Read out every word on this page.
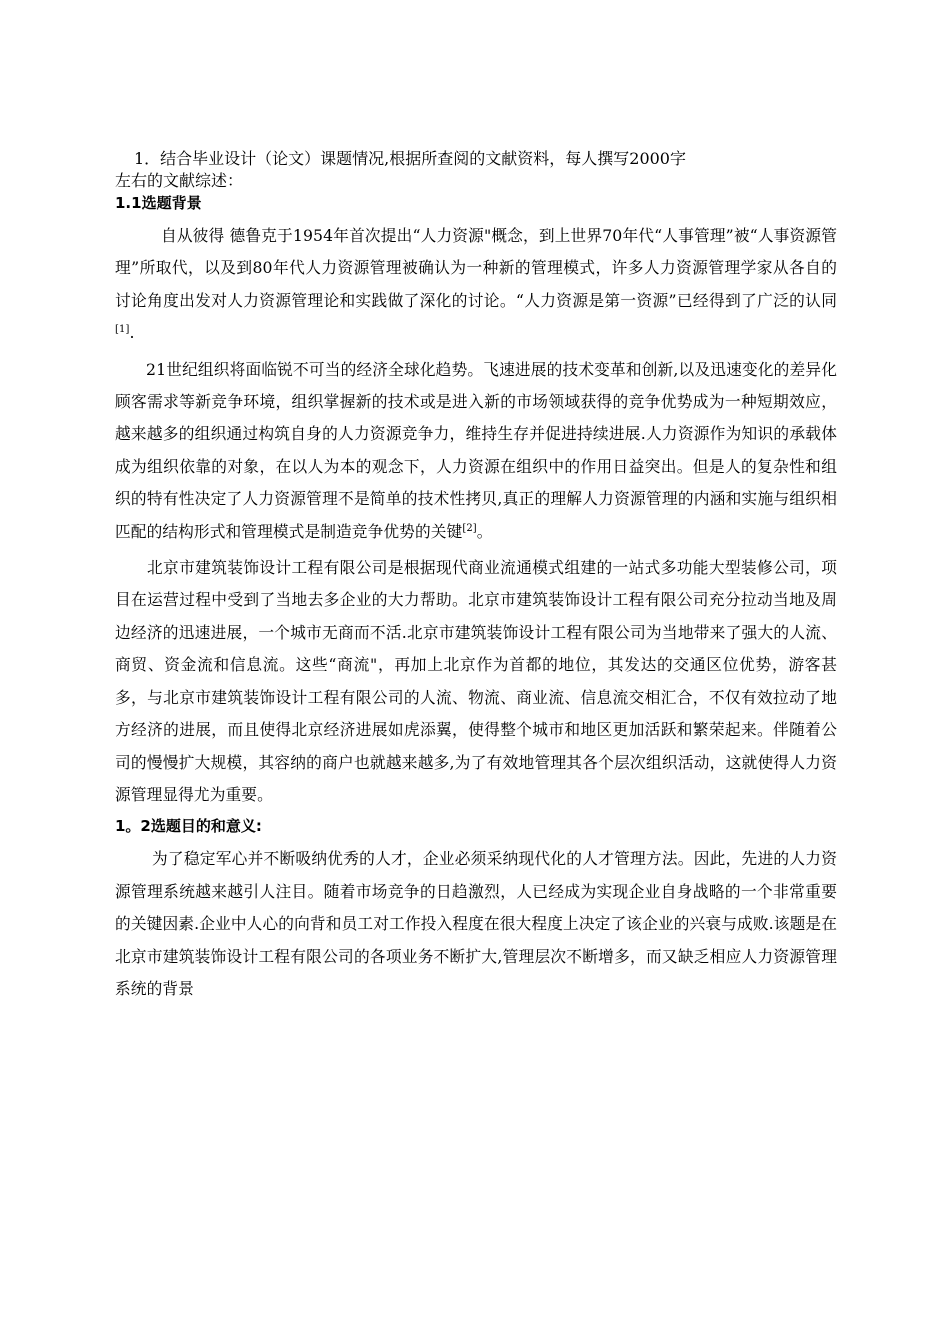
1．结合毕业设计（论文）课题情况,根据所查阅的文献资料，每人撰写2000字
左右的文献综述：

1.1选题背景

自从彼得 德鲁克于1954年首次提出“人力资源"概念，到上世界70年代“人事管理”被“人事资源管理”所取代，以及到80年代人力资源管理被确认为一种新的管理模式，许多人力资源管理学家从各自的讨论角度出发对人力资源管理论和实践做了深化的讨论。“人力资源是第一资源”已经得到了广泛的认同[1].

21世纪组织将面临锐不可当的经济全球化趋势。飞速进展的技术变革和创新,以及迅速变化的差异化顾客需求等新竞争环境，组织掌握新的技术或是进入新的市场领域获得的竞争优势成为一种短期效应，越来越多的组织通过构筑自身的人力资源竞争力，维持生存并促进持续进展.人力资源作为知识的承载体成为组织依靠的对象，在以人为本的观念下，人力资源在组织中的作用日益突出。但是人的复杂性和组织的特有性决定了人力资源管理不是简单的技术性拷贝,真正的理解人力资源管理的内涵和实施与组织相匹配的结构形式和管理模式是制造竞争优势的关键[2]。

北京市建筑装饰设计工程有限公司是根据现代商业流通模式组建的一站式多功能大型装修公司，项目在运营过程中受到了当地去多企业的大力帮助。北京市建筑装饰设计工程有限公司充分拉动当地及周边经济的迅速进展，一个城市无商而不活.北京市建筑装饰设计工程有限公司为当地带来了强大的人流、商贸、资金流和信息流。这些“商流"，再加上北京作为首都的地位，其发达的交通区位优势，游客甚多，与北京市建筑装饰设计工程有限公司的人流、物流、商业流、信息流交相汇合，不仅有效拉动了地方经济的进展，而且使得北京经济进展如虎添翼，使得整个城市和地区更加活跃和繁荣起来。伴随着公司的慢慢扩大规模，其容纳的商户也就越来越多,为了有效地管理其各个层次组织活动，这就使得人力资源管理显得尤为重要。

1。2选题目的和意义:

为了稳定军心并不断吸纳优秀的人才，企业必须采纳现代化的人才管理方法。因此，先进的人力资源管理系统越来越引人注目。随着市场竞争的日趋激烈，人已经成为实现企业自身战略的一个非常重要的关键因素.企业中人心的向背和员工对工作投入程度在很大程度上决定了该企业的兴衰与成败.该题是在北京市建筑装饰设计工程有限公司的各项业务不断扩大,管理层次不断增多，而又缺乏相应人力资源管理系统的背景
